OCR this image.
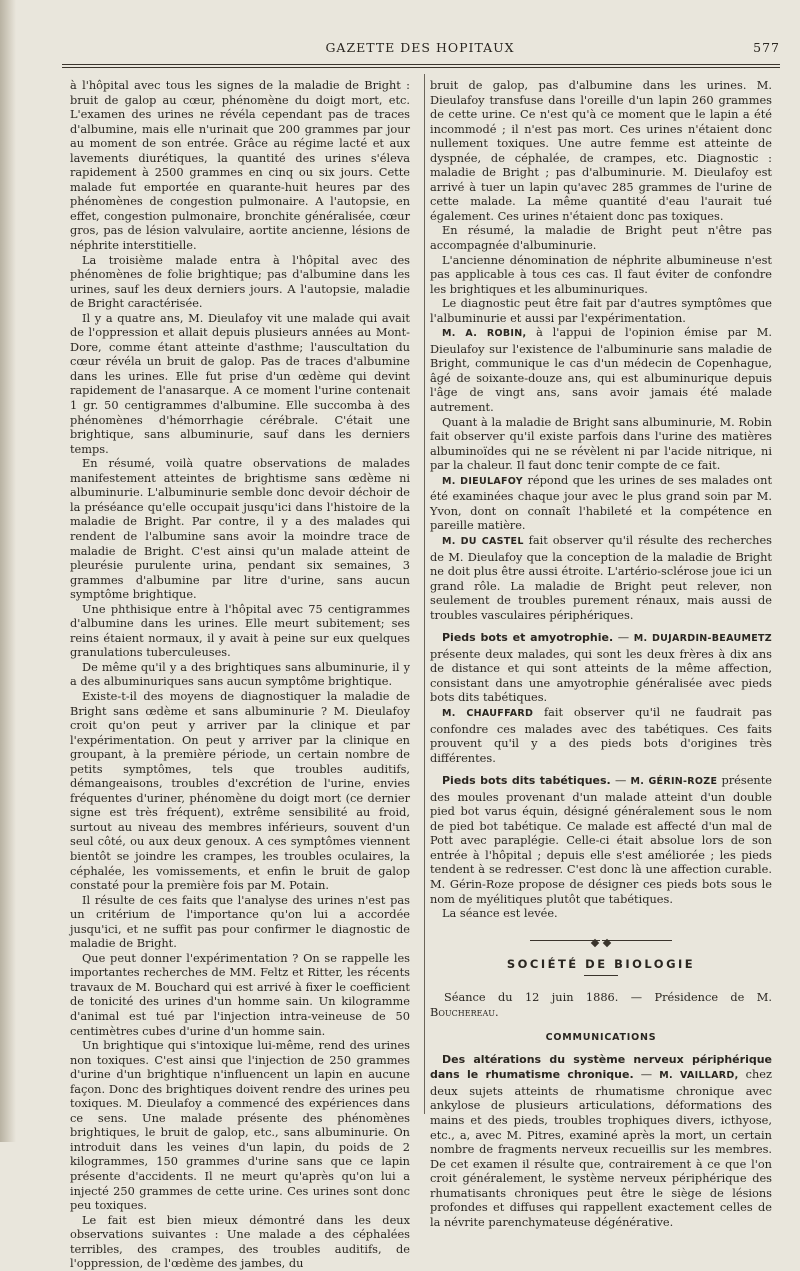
GAZETTE DES HOPITAUX	577

à l'hôpital avec tous les signes de la maladie de Bright : bruit de galop au cœur, phénomène du doigt mort, etc. L'examen des urines ne révéla cependant pas de traces d'albumine, mais elle n'urinait que 200 grammes par jour au moment de son entrée. Grâce au régime lacté et aux lavements diurétiques, la quantité des urines s'éleva rapidement à 2500 grammes en cinq ou six jours. Cette malade fut emportée en quarante-huit heures par des phénomènes de congestion pulmonaire. A l'autopsie, en effet, congestion pulmonaire, bronchite généralisée, cœur gros, pas de lésion valvulaire, aortite ancienne, lésions de néphrite interstitielle.

La troisième malade entra à l'hôpital avec des phénomènes de folie brightique; pas d'albumine dans les urines, sauf les deux derniers jours. A l'autopsie, maladie de Bright caractérisée.

Il y a quatre ans, M. Dieulafoy vit une malade qui avait de l'oppression et allait depuis plusieurs années au Mont-Dore, comme étant atteinte d'asthme; l'auscultation du cœur révéla un bruit de galop. Pas de traces d'albumine dans les urines. Elle fut prise d'un œdème qui devint rapidement de l'anasarque. A ce moment l'urine contenait 1 gr. 50 centigrammes d'albumine. Elle succomba à des phénomènes d'hémorrhagie cérébrale. C'était une brightique, sans albuminurie, sauf dans les derniers temps.

En résumé, voilà quatre observations de malades manifestement atteintes de brightisme sans œdème ni albuminurie. L'albuminurie semble donc devoir déchoir de la préséance qu'elle occupait jusqu'ici dans l'histoire de la maladie de Bright. Par contre, il y a des malades qui rendent de l'albumine sans avoir la moindre trace de maladie de Bright. C'est ainsi qu'un malade atteint de pleurésie purulente urina, pendant six semaines, 3 grammes d'albumine par litre d'urine, sans aucun symptôme brightique.

Une phthisique entre à l'hôpital avec 75 centigrammes d'albumine dans les urines. Elle meurt subitement; ses reins étaient normaux, il y avait à peine sur eux quelques granulations tuberculeuses.

De même qu'il y a des brightiques sans albuminurie, il y a des albuminuriques sans aucun symptôme brightique.

Existe-t-il des moyens de diagnostiquer la maladie de Bright sans œdème et sans albuminurie ? M. Dieulafoy croit qu'on peut y arriver par la clinique et par l'expérimentation. On peut y arriver par la clinique en groupant, à la première période, un certain nombre de petits symptômes, tels que troubles auditifs, démangeaisons, troubles d'excrétion de l'urine, envies fréquentes d'uriner, phénomène du doigt mort (ce dernier signe est très fréquent), extrême sensibilité au froid, surtout au niveau des membres inférieurs, souvent d'un seul côté, ou aux deux genoux. A ces symptômes viennent bientôt se joindre les crampes, les troubles oculaires, la céphalée, les vomissements, et enfin le bruit de galop constaté pour la première fois par M. Potain.

Il résulte de ces faits que l'analyse des urines n'est pas un critérium de l'importance qu'on lui a accordée jusqu'ici, et ne suffit pas pour confirmer le diagnostic de maladie de Bright.

Que peut donner l'expérimentation ? On se rappelle les importantes recherches de MM. Feltz et Ritter, les récents travaux de M. Bouchard qui est arrivé à fixer le coefficient de tonicité des urines d'un homme sain. Un kilogramme d'animal est tué par l'injection intra-veineuse de 50 centimètres cubes d'urine d'un homme sain.

Un brightique qui s'intoxique lui-même, rend des urines non toxiques. C'est ainsi que l'injection de 250 grammes d'urine d'un brightique n'influencent un lapin en aucune façon. Donc des brightiques doivent rendre des urines peu toxiques. M. Dieulafoy a commencé des expériences dans ce sens. Une malade présente des phénomènes brightiques, le bruit de galop, etc., sans albuminurie. On introduit dans les veines d'un lapin, du poids de 2 kilogrammes, 150 grammes d'urine sans que ce lapin présente d'accidents. Il ne meurt qu'après qu'on lui a injecté 250 grammes de cette urine. Ces urines sont donc peu toxiques.

Le fait est bien mieux démontré dans les deux observations suivantes : Une malade a des céphalées terribles, des crampes, des troubles auditifs, de l'oppression, de l'œdème des jambes, du

bruit de galop, pas d'albumine dans les urines. M. Dieulafoy transfuse dans l'oreille d'un lapin 260 grammes de cette urine. Ce n'est qu'à ce moment que le lapin a été incommodé ; il n'est pas mort. Ces urines n'étaient donc nullement toxiques. Une autre femme est atteinte de dyspnée, de céphalée, de crampes, etc. Diagnostic : maladie de Bright ; pas d'albuminurie. M. Dieulafoy est arrivé à tuer un lapin qu'avec 285 grammes de l'urine de cette malade. La même quantité d'eau l'aurait tué également. Ces urines n'étaient donc pas toxiques.

En résumé, la maladie de Bright peut n'être pas accompagnée d'albuminurie.

L'ancienne dénomination de néphrite albumineuse n'est pas applicable à tous ces cas. Il faut éviter de confondre les brightiques et les albuminuriques.

Le diagnostic peut être fait par d'autres symptômes que l'albuminurie et aussi par l'expérimentation.

M. A. ROBIN, à l'appui de l'opinion émise par M. Dieulafoy sur l'existence de l'albuminurie sans maladie de Bright, communique le cas d'un médecin de Copenhague, âgé de soixante-douze ans, qui est albuminurique depuis l'âge de vingt ans, sans avoir jamais été malade autrement.

Quant à la maladie de Bright sans albuminurie, M. Robin fait observer qu'il existe parfois dans l'urine des matières albuminoïdes qui ne se révèlent ni par l'acide nitrique, ni par la chaleur. Il faut donc tenir compte de ce fait.

M. DIEULAFOY répond que les urines de ses malades ont été examinées chaque jour avec le plus grand soin par M. Yvon, dont on connaît l'habileté et la compétence en pareille matière.

M. DU CASTEL fait observer qu'il résulte des recherches de M. Dieulafoy que la conception de la maladie de Bright ne doit plus être aussi étroite. L'artério-sclérose joue ici un grand rôle. La maladie de Bright peut relever, non seulement de troubles purement rénaux, mais aussi de troubles vasculaires périphériques.

Pieds bots et amyotrophie. — M. DUJARDIN-BEAUMETZ présente deux malades, qui sont les deux frères à dix ans de distance et qui sont atteints de la même affection, consistant dans une amyotrophie généralisée avec pieds bots dits tabétiques.

M. CHAUFFARD fait observer qu'il ne faudrait pas confondre ces malades avec des tabétiques. Ces faits prouvent qu'il y a des pieds bots d'origines très différentes.

Pieds bots dits tabétiques. — M. GÉRIN-ROZE présente des moules provenant d'un malade atteint d'un double pied bot varus équin, désigné généralement sous le nom de pied bot tabétique. Ce malade est affecté d'un mal de Pott avec paraplégie. Celle-ci était absolue lors de son entrée à l'hôpital ; depuis elle s'est améliorée ; les pieds tendent à se redresser. C'est donc là une affection curable. M. Gérin-Roze propose de désigner ces pieds bots sous le nom de myélitiques plutôt que tabétiques.

La séance est levée.

SOCIÉTÉ DE BIOLOGIE

Séance du 12 juin 1886. — Présidence de M. Bouchereau.

COMMUNICATIONS

Des altérations du système nerveux périphérique dans le rhumatisme chronique. — M. VAILLARD, chez deux sujets atteints de rhumatisme chronique avec ankylose de plusieurs articulations, déformations des mains et des pieds, troubles trophiques divers, icthyose, etc., a, avec M. Pitres, examiné après la mort, un certain nombre de fragments nerveux recueillis sur les membres. De cet examen il résulte que, contrairement à ce que l'on croit généralement, le système nerveux périphérique des rhumatisants chroniques peut être le siège de lésions profondes et diffuses qui rappellent exactement celles de la névrite parenchymateuse dégénérative.
